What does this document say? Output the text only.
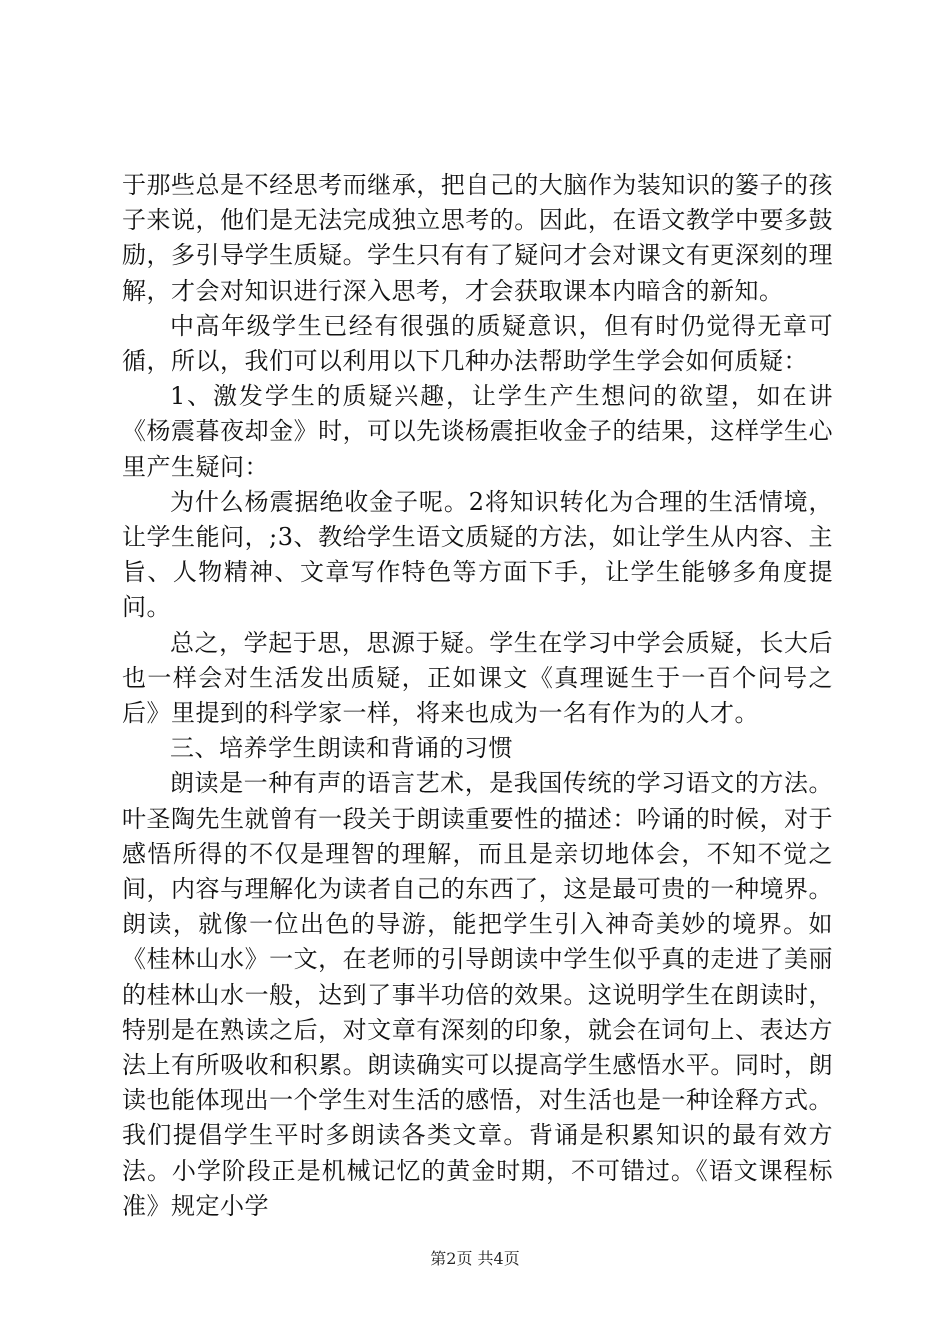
于那些总是不经思考而继承，把自己的大脑作为装知识的篓子的孩子来说，他们是无法完成独立思考的。因此，在语文教学中要多鼓励，多引导学生质疑。学生只有有了疑问才会对课文有更深刻的理解，才会对知识进行深入思考，才会获取课本内暗含的新知。

中高年级学生已经有很强的质疑意识，但有时仍觉得无章可循，所以，我们可以利用以下几种办法帮助学生学会如何质疑：

1、激发学生的质疑兴趣，让学生产生想问的欲望，如在讲《杨震暮夜却金》时，可以先谈杨震拒收金子的结果，这样学生心里产生疑问：

为什么杨震据绝收金子呢。2将知识转化为合理的生活情境，让学生能问，;3、教给学生语文质疑的方法，如让学生从内容、主旨、人物精神、文章写作特色等方面下手，让学生能够多角度提问。

总之，学起于思，思源于疑。学生在学习中学会质疑，长大后也一样会对生活发出质疑，正如课文《真理诞生于一百个问号之后》里提到的科学家一样，将来也成为一名有作为的人才。

三、培养学生朗读和背诵的习惯

朗读是一种有声的语言艺术，是我国传统的学习语文的方法。叶圣陶先生就曾有一段关于朗读重要性的描述：吟诵的时候，对于感悟所得的不仅是理智的理解，而且是亲切地体会，不知不觉之间，内容与理解化为读者自己的东西了，这是最可贵的一种境界。朗读，就像一位出色的导游，能把学生引入神奇美妙的境界。如《桂林山水》一文，在老师的引导朗读中学生似乎真的走进了美丽的桂林山水一般，达到了事半功倍的效果。这说明学生在朗读时，特别是在熟读之后，对文章有深刻的印象，就会在词句上、表达方法上有所吸收和积累。朗读确实可以提高学生感悟水平。同时，朗读也能体现出一个学生对生活的感悟，对生活也是一种诠释方式。我们提倡学生平时多朗读各类文章。背诵是积累知识的最有效方法。小学阶段正是机械记忆的黄金时期，不可错过。《语文课程标准》规定小学

第2页 共4页
